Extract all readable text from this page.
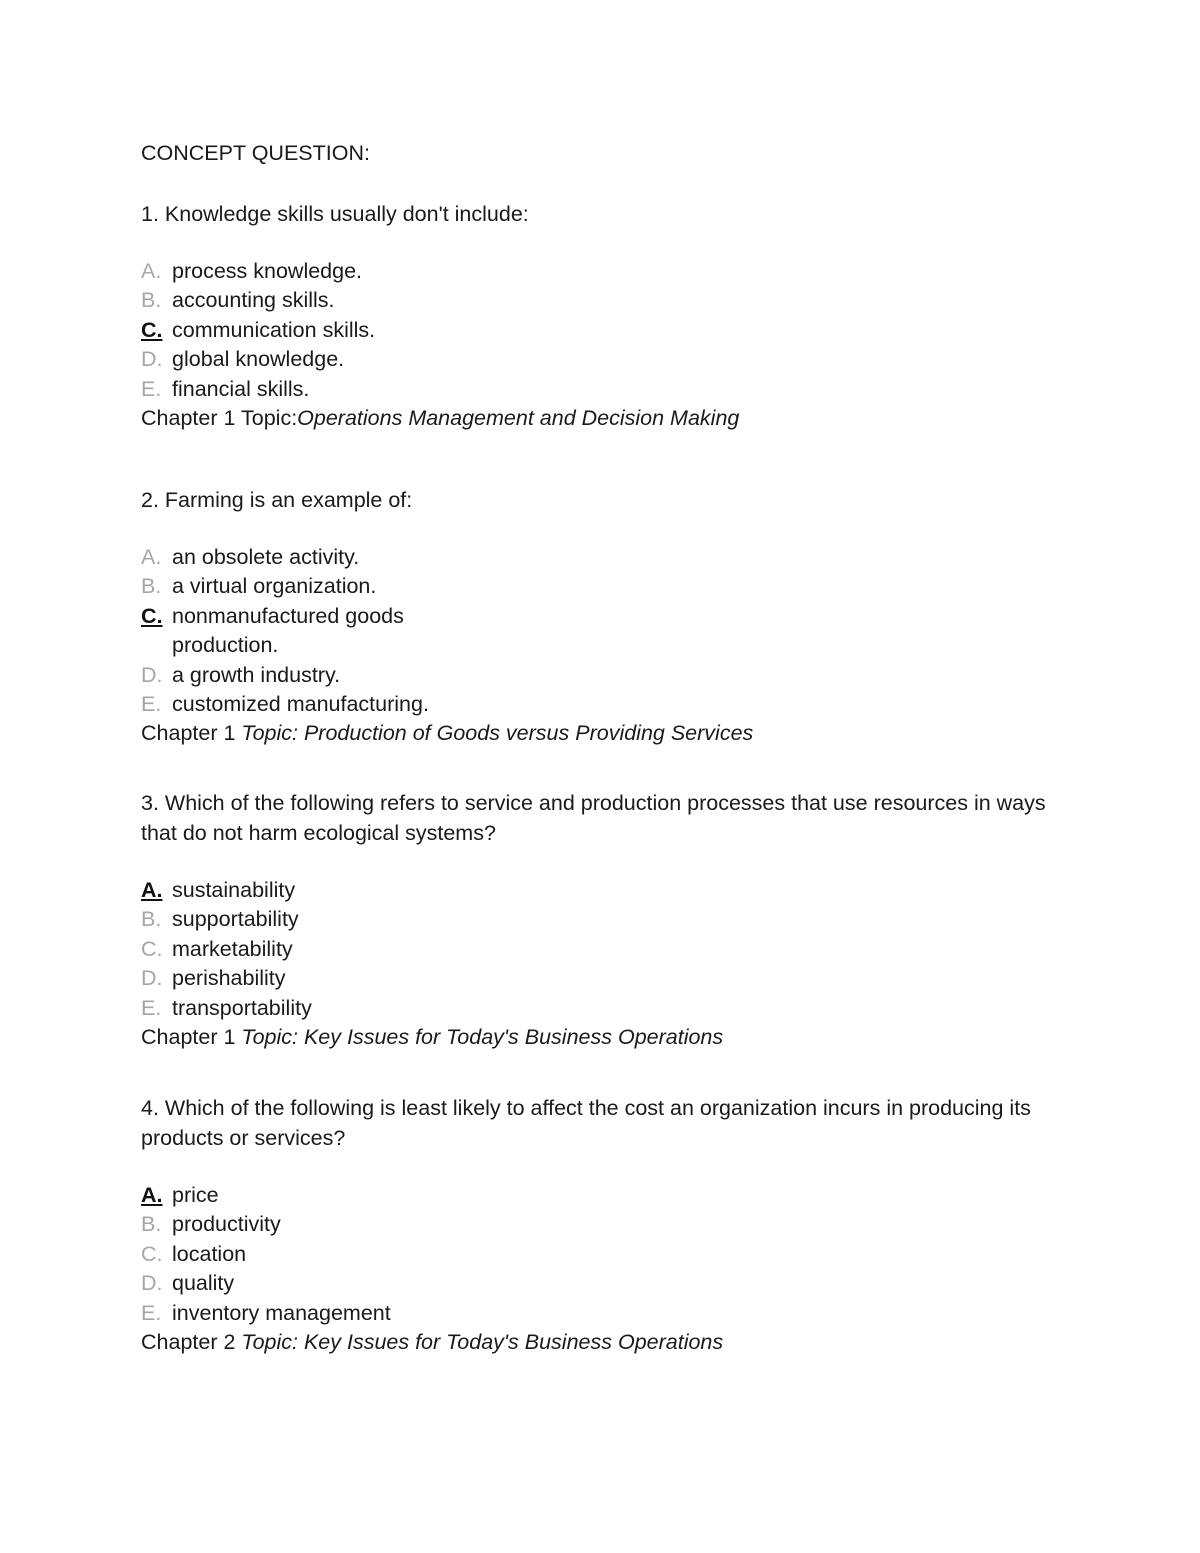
CONCEPT QUESTION:
1. Knowledge skills usually don't include:
A. process knowledge.
B. accounting skills.
C. communication skills.
D. global knowledge.
E. financial skills.
Chapter 1 Topic:Operations Management and Decision Making
2. Farming is an example of:
A. an obsolete activity.
B. a virtual organization.
C. nonmanufactured goods
production.
D. a growth industry.
E. customized manufacturing.
Chapter 1 Topic: Production of Goods versus Providing Services
3. Which of the following refers to service and production processes that use resources in ways that do not harm ecological systems?
A. sustainability
B. supportability
C. marketability
D. perishability
E. transportability
Chapter 1 Topic: Key Issues for Today's Business Operations
4. Which of the following is least likely to affect the cost an organization incurs in producing its products or services?
A. price
B. productivity
C. location
D. quality
E. inventory management
Chapter 2 Topic: Key Issues for Today's Business Operations
